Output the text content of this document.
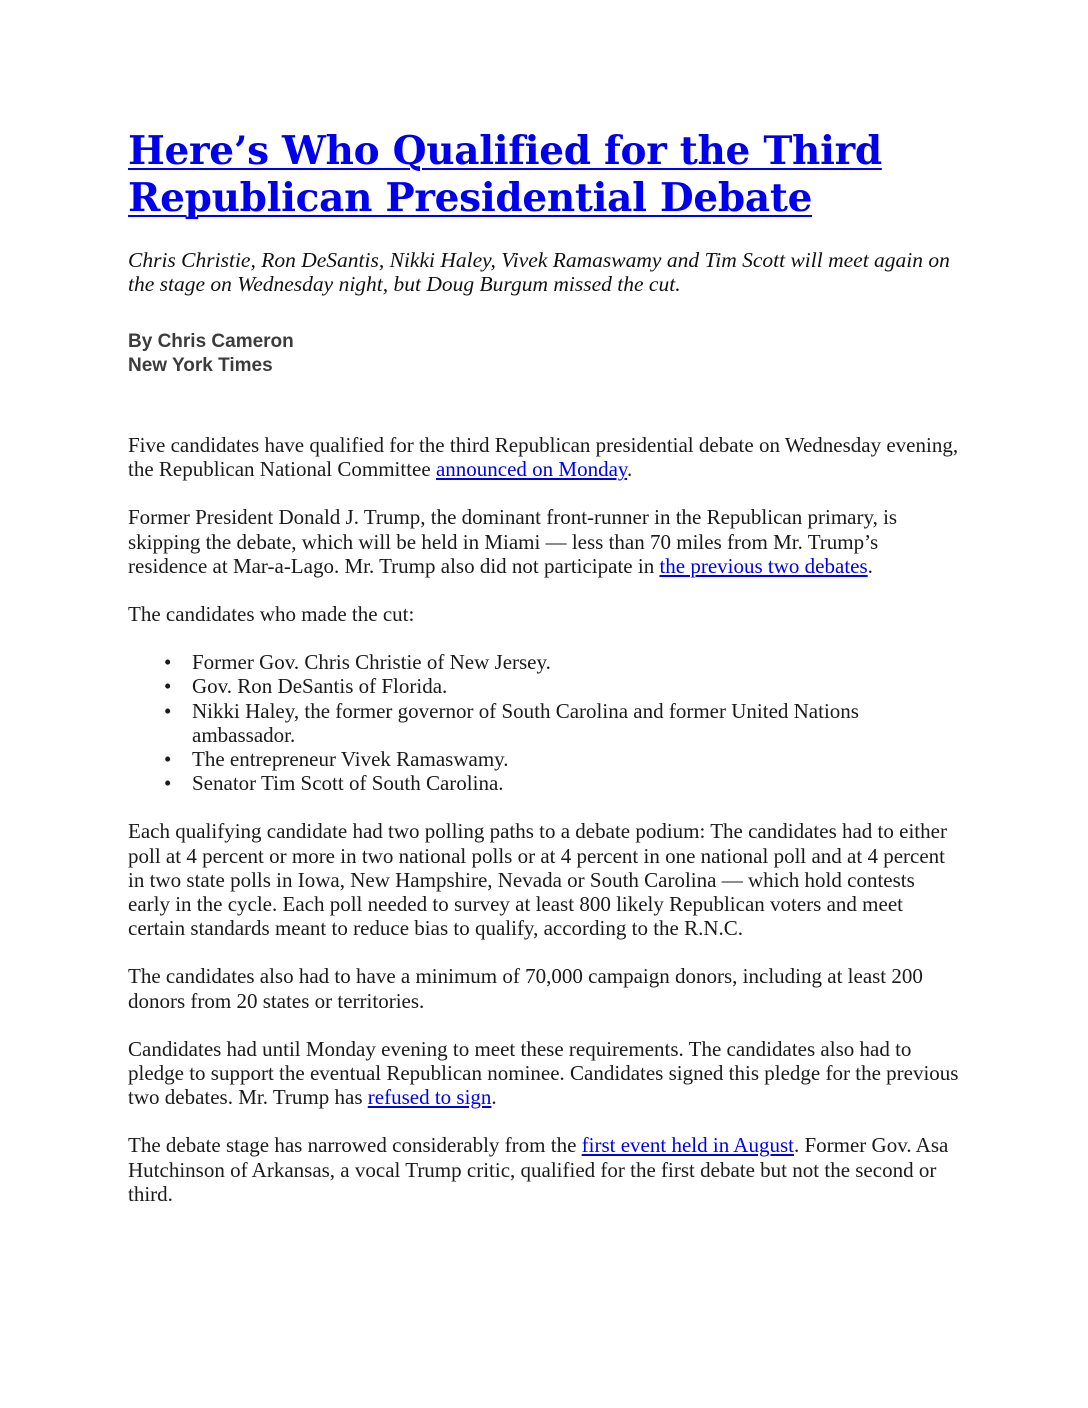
Here’s Who Qualified for the Third Republican Presidential Debate

Chris Christie, Ron DeSantis, Nikki Haley, Vivek Ramaswamy and Tim Scott will meet again on the stage on Wednesday night, but Doug Burgum missed the cut.

By Chris Cameron
New York Times

Five candidates have qualified for the third Republican presidential debate on Wednesday evening, the Republican National Committee announced on Monday.

Former President Donald J. Trump, the dominant front-runner in the Republican primary, is skipping the debate, which will be held in Miami — less than 70 miles from Mr. Trump’s residence at Mar-a-Lago. Mr. Trump also did not participate in the previous two debates.

The candidates who made the cut:

• Former Gov. Chris Christie of New Jersey.
• Gov. Ron DeSantis of Florida.
• Nikki Haley, the former governor of South Carolina and former United Nations ambassador.
• The entrepreneur Vivek Ramaswamy.
• Senator Tim Scott of South Carolina.

Each qualifying candidate had two polling paths to a debate podium: The candidates had to either poll at 4 percent or more in two national polls or at 4 percent in one national poll and at 4 percent in two state polls in Iowa, New Hampshire, Nevada or South Carolina — which hold contests early in the cycle. Each poll needed to survey at least 800 likely Republican voters and meet certain standards meant to reduce bias to qualify, according to the R.N.C.

The candidates also had to have a minimum of 70,000 campaign donors, including at least 200 donors from 20 states or territories.

Candidates had until Monday evening to meet these requirements. The candidates also had to pledge to support the eventual Republican nominee. Candidates signed this pledge for the previous two debates. Mr. Trump has refused to sign.

The debate stage has narrowed considerably from the first event held in August. Former Gov. Asa Hutchinson of Arkansas, a vocal Trump critic, qualified for the first debate but not the second or third.
